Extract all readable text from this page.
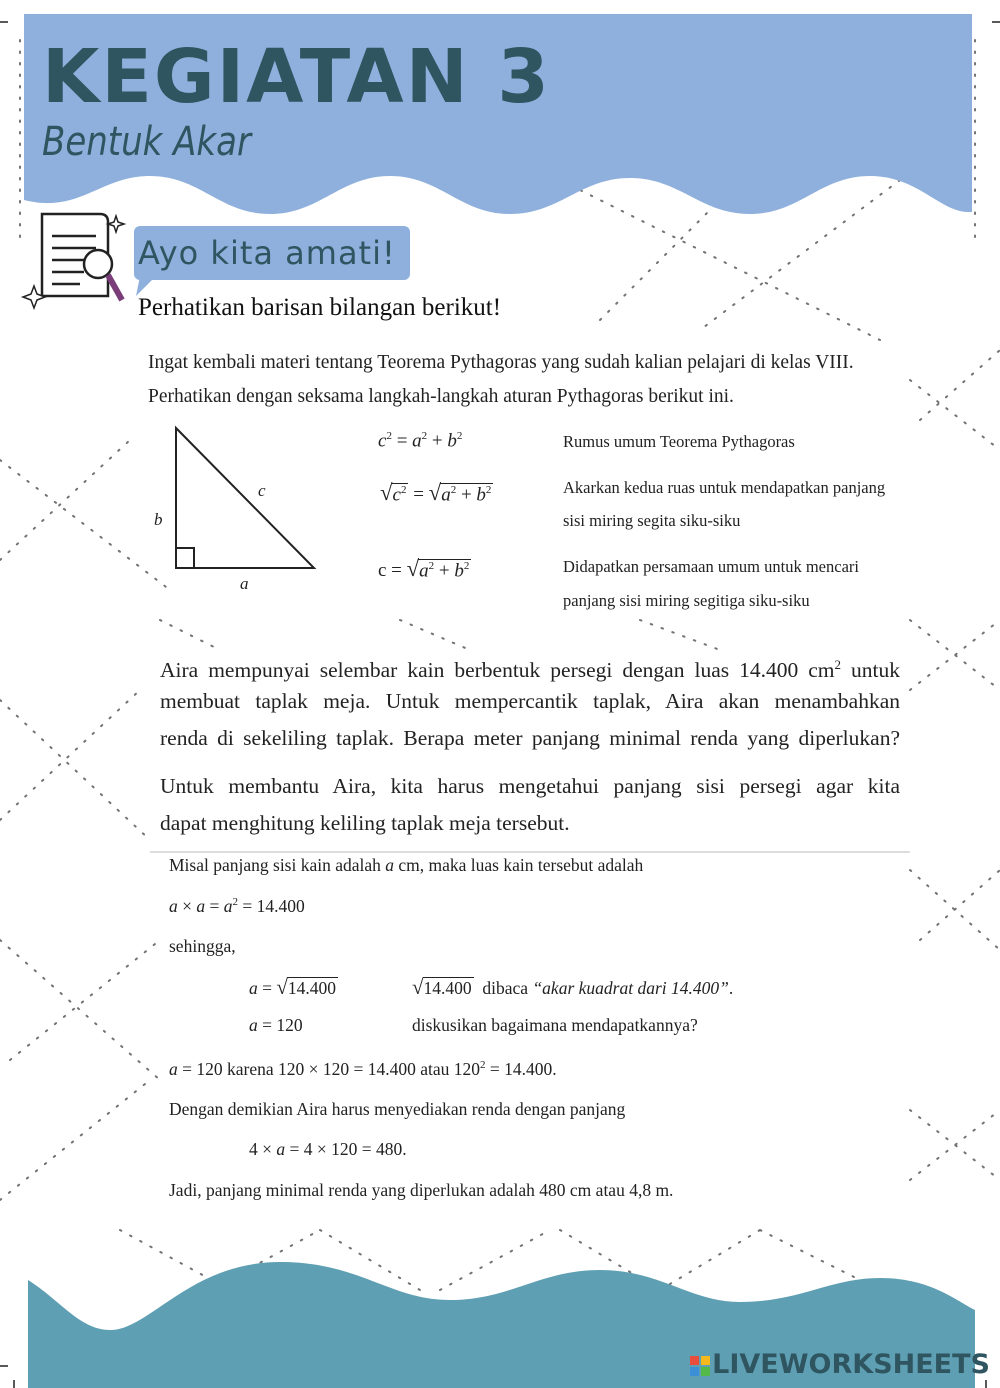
KEGIATAN 3
Bentuk Akar
Ayo kita amati!
Perhatikan barisan bilangan berikut!
Ingat kembali materi tentang Teorema Pythagoras yang sudah kalian pelajari di kelas VIII. Perhatikan dengan seksama langkah-langkah aturan Pythagoras berikut ini.
c
b
a
$c^2 = a^2 + b^2$	Rumus umum Teorema Pythagoras
$√c^2 = √a^2 + b^2$	Akarkan kedua ruas untuk mendapatkan panjang
sisi miring segita siku-siku
$c = √a^2 + b^2$	Didapatkan persamaan umum untuk mencari
panjang sisi miring segitiga siku-siku
Aira mempunyai selembar kain berbentuk persegi dengan luas 14.400 $cm^2$ untuk
membuat taplak meja. Untuk mempercantik taplak, Aira akan menambahkan
renda di sekeliling taplak. Berapa meter panjang minimal renda yang diperlukan?
Untuk membantu Aira, kita harus mengetahui panjang sisi persegi agar kita
dapat menghitung keliling taplak meja tersebut.
Misal panjang sisi kain adalah a cm, maka luas kain tersebut adalah
$a \times a = a^2 = 14.400$
sehingga,
a = √14.400	√14.400 dibaca “akar kuadrat dari 14.400”.
a = 120	diskusikan bagaimana mendapatkannya?
a = 120 karena 120 × 120 = 14.400 atau $120^2 = 14.400$.
Dengan demikian Aira harus menyediakan renda dengan panjang
4 × a = 4 × 120 = 480.
Jadi, panjang minimal renda yang diperlukan adalah 480 cm atau 4,8 m.
LIVEWORKSHEETS
